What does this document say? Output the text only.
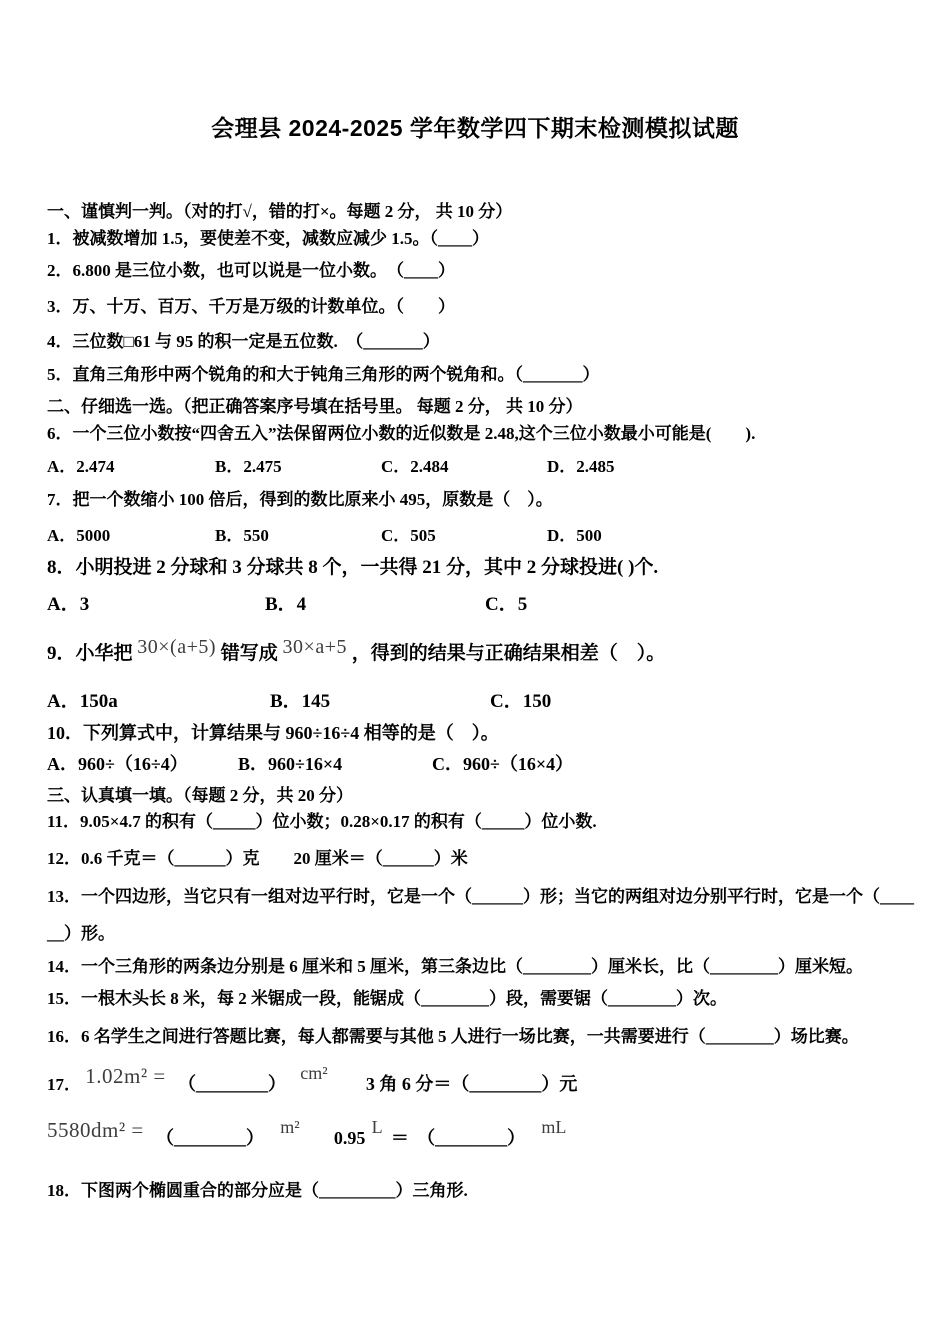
会理县 2024-2025 学年数学四下期末检测模拟试题
一、谨慎判一判。（对的打√，错的打×。每题 2 分， 共 10 分）
1．被减数增加 1.5，要使差不变，减数应减少 1.5。（____）
2．6.800 是三位小数，也可以说是一位小数。　（____）
3．万、十万、百万、千万是万级的计数单位。（　　）
4．三位数□61 与 95 的积一定是五位数.　（_______）
5．直角三角形中两个锐角的和大于钝角三角形的两个锐角和。（_______）
二、仔细选一选。（把正确答案序号填在括号里。 每题 2 分， 共 10 分）
6．一个三位小数按“四舍五入”法保留两位小数的近似数是 2.48,这个三位小数最小可能是(　　).
A．2.474	B．2.475	C．2.484	D．2.485
7．把一个数缩小 100 倍后，得到的数比原来小 495，原数是（　）。
A．5000	B．550	C．505	D．500
8．小明投进 2 分球和 3 分球共 8 个，一共得 21 分，其中 2 分球投进( )个.
A．3	B．4	C．5
9．小华把 30×(a+5) 错写成 30×a+5 ，得到的结果与正确结果相差（　）。
A．150a	B．145	C．150
10．下列算式中，计算结果与 960÷16÷4 相等的是（　）。
A．960÷（16÷4）	B．960÷16×4	C．960÷（16×4）
三、认真填一填。（每题 2 分，共 20 分）
11．9.05×4.7 的积有（_____）位小数；0.28×0.17 的积有（_____）位小数.
12．0.6 千克＝（______）克　　20 厘米＝（______）米
13．一个四边形，当它只有一组对边平行时，它是一个（______）形；当它的两组对边分别平行时，它是一个（____
__）形。
14．一个三角形的两条边分别是 6 厘米和 5 厘米，第三条边比（________）厘米长，比（________）厘米短。
15．一根木头长 8 米，每 2 米锯成一段，能锯成（________）段，需要锯（________）次。
16．6 名学生之间进行答题比赛，每人都需要与其他 5 人进行一场比赛，一共需要进行（________）场比赛。
17． 1.02m² = （________） cm² 3 角 6 分＝（________）元
5580dm² = （________） m² 0.95 L ＝ （________） mL
18．下图两个椭圆重合的部分应是（_________）三角形.
